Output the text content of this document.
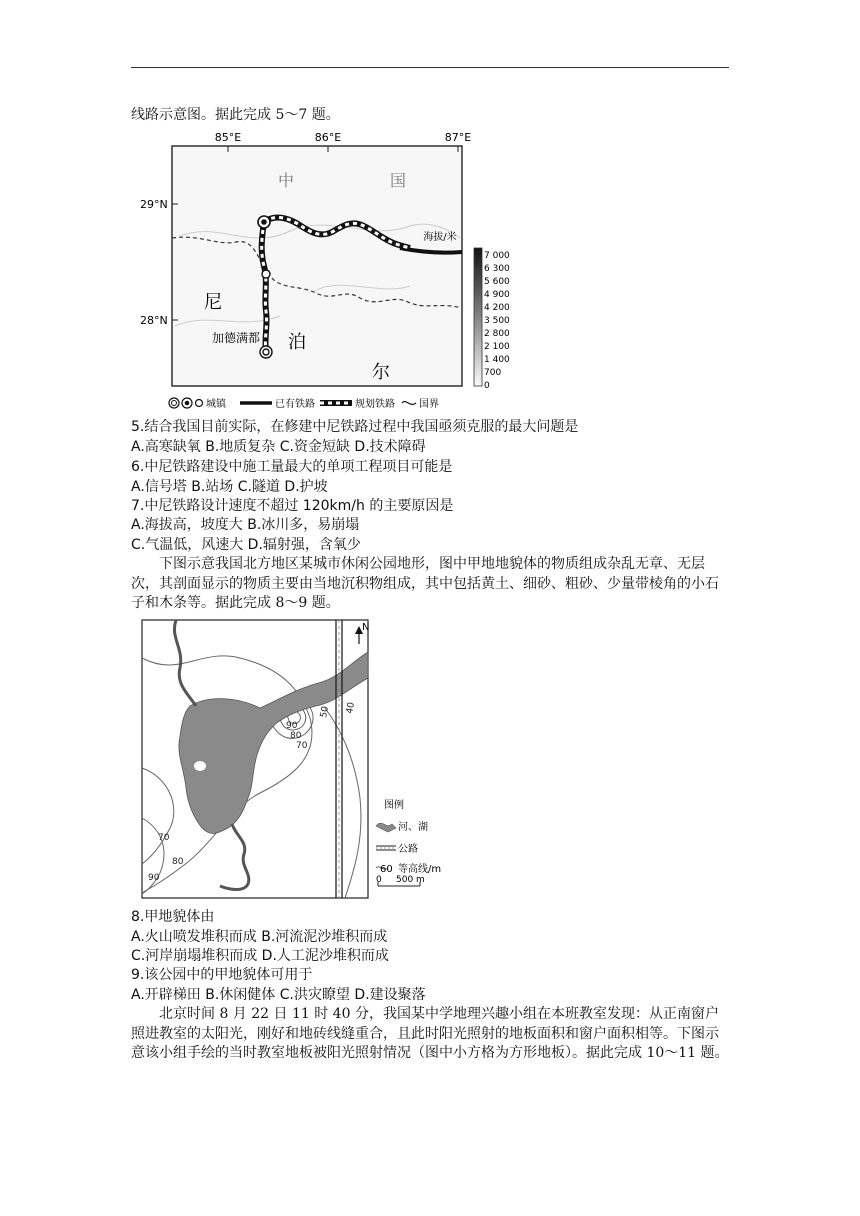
线路示意图。据此完成 5～7 题。
85°E	86°E	87°E
29°N
28°N
中	国
尼
泊
尔
加德满都
海拔/米
7 000
6 300
5 600
4 900
4 200
3 500
2 800
2 100
1 400
700
0
城镇	已有铁路	规划铁路 国界
5.结合我国目前实际，在修建中尼铁路过程中我国亟须克服的最大问题是
A.高寒缺氧 B.地质复杂 C.资金短缺 D.技术障碍
6.中尼铁路建设中施工量最大的单项工程项目可能是
A.信号塔 B.站场 C.隧道 D.护坡
7.中尼铁路设计速度不超过 120km/h 的主要原因是
A.海拔高，坡度大 B.冰川多，易崩塌
C.气温低，风速大 D.辐射强，含氧少
下图示意我国北方地区某城市休闲公园地形，图中甲地地貌体的物质组成杂乱无章、无层次，其剖面显示的物质主要由当地沉积物组成，其中包括黄土、细砂、粗砂、少量带棱角的小石子和木条等。据此完成 8～9 题。
N
50 40
90
80
70
70
80
90
图例
河、湖
公路
60 等高线/m
0 500 m
8.甲地貌体由
A.火山喷发堆积而成 B.河流泥沙堆积而成
C.河岸崩塌堆积而成 D.人工泥沙堆积而成
9.该公园中的甲地貌体可用于
A.开辟梯田 B.休闲健体 C.洪灾瞭望 D.建设聚落
北京时间 8 月 22 日 11 时 40 分，我国某中学地理兴趣小组在本班教室发现：从正南窗户照进教室的太阳光，刚好和地砖线缝重合，且此时阳光照射的地板面积和窗户面积相等。下图示意该小组手绘的当时教室地板被阳光照射情况（图中小方格为方形地板）。据此完成 10～11 题。
